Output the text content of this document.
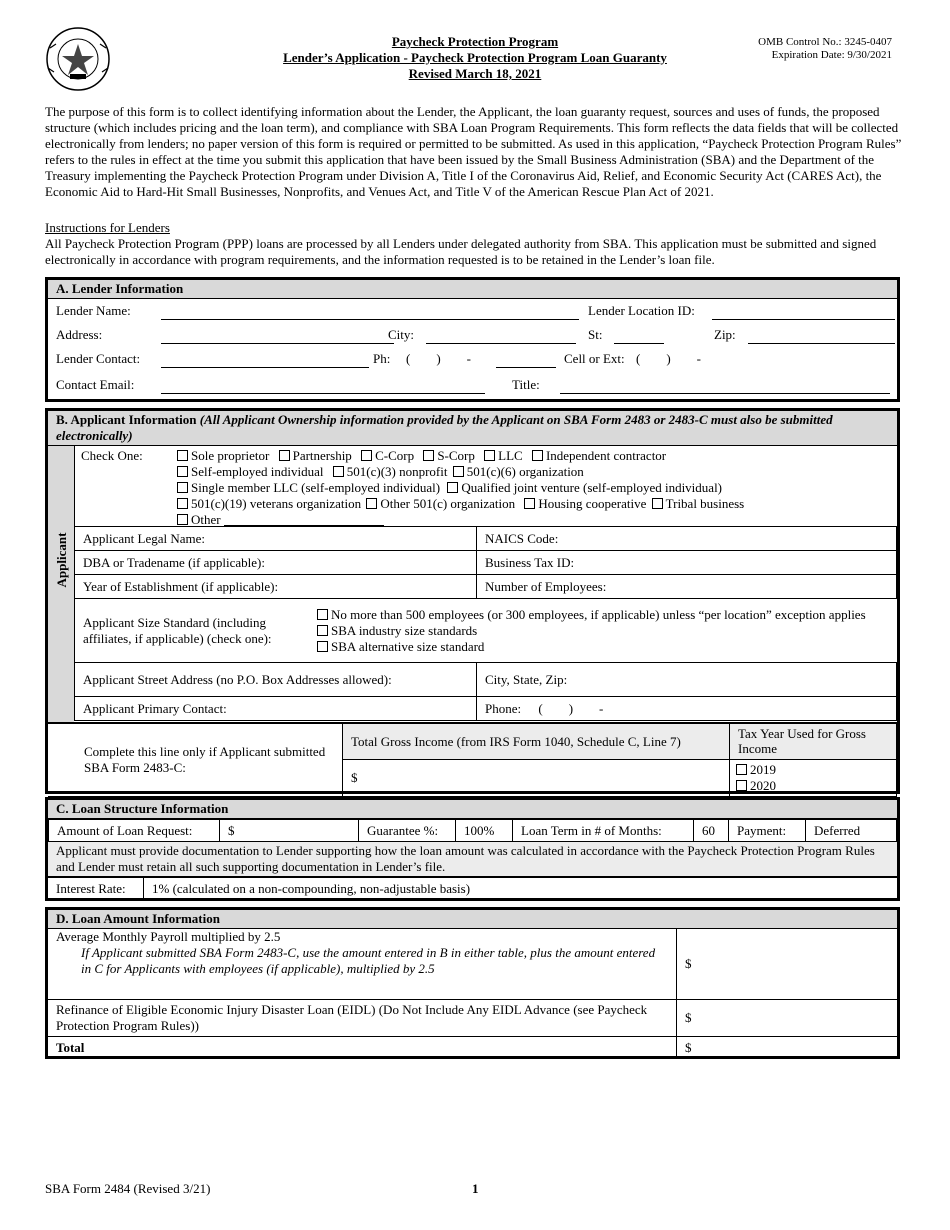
Paycheck Protection Program
Lender’s Application - Paycheck Protection Program Loan Guaranty
Revised March 18, 2021
OMB Control No.: 3245-0407
Expiration Date: 9/30/2021
The purpose of this form is to collect identifying information about the Lender, the Applicant, the loan guaranty request, sources and uses of funds, the proposed structure (which includes pricing and the loan term), and compliance with SBA Loan Program Requirements. This form reflects the data fields that will be collected electronically from lenders; no paper version of this form is required or permitted to be submitted. As used in this application, “Paycheck Protection Program Rules” refers to the rules in effect at the time you submit this application that have been issued by the Small Business Administration (SBA) and the Department of the Treasury implementing the Paycheck Protection Program under Division A, Title I of the Coronavirus Aid, Relief, and Economic Security Act (CARES Act), the Economic Aid to Hard-Hit Small Businesses, Nonprofits, and Venues Act, and Title V of the American Rescue Plan Act of 2021.
Instructions for Lenders
All Paycheck Protection Program (PPP) loans are processed by all Lenders under delegated authority from SBA. This application must be submitted and signed electronically in accordance with program requirements, and the information requested is to be retained in the Lender’s loan file.
A. Lender Information
Lender Name:	Lender Location ID:
Address:	City:	St:	Zip:
Lender Contact:	Ph: (        )        -	Cell or Ext: (        )        -
Contact Email:	Title:
B. Applicant Information (All Applicant Ownership information provided by the Applicant on SBA Form 2483 or 2483-C must also be submitted electronically)
Applicant
Check One:	Sole proprietor Partnership C-Corp S-Corp LLC Independent contractor
Self-employed individual 501(c)(3) nonprofit 501(c)(6) organization
Single member LLC (self-employed individual) Qualified joint venture (self-employed individual)
501(c)(19) veterans organization Other 501(c) organization Housing cooperative Tribal business
Other
Applicant Legal Name:	NAICS Code:
DBA or Tradename (if applicable):	Business Tax ID:
Year of Establishment (if applicable):	Number of Employees:

Applicant Size Standard (including affiliates, if applicable) (check one):
No more than 500 employees (or 300 employees, if applicable) unless “per location” exception applies
SBA industry size standards
SBA alternative size standard	

Applicant Street Address (no P.O. Box Addresses allowed):	City, State, Zip:
Applicant Primary Contact:	Phone: (        )        -
Complete this line only if Applicant submitted SBA Form 2483-C:	Total Gross Income (from IRS Form 1040, Schedule C, Line 7)	Tax Year Used for Gross Income
	$	2019
2020
C. Loan Structure Information
Amount of Loan Request:	$	Guarantee %:	100%	Loan Term in # of Months:	60	Payment:	Deferred
Applicant must provide documentation to Lender supporting how the loan amount was calculated in accordance with the Paycheck Protection Program Rules and Lender must retain all such supporting documentation in Lender’s file.
Interest Rate:	1% (calculated on a non-compounding, non-adjustable basis)
D. Loan Amount Information
Average Monthly Payroll multiplied by 2.5
If Applicant submitted SBA Form 2483-C, use the amount entered in B in either table, plus the amount entered in C for Applicants with employees (if applicable), multiplied by 2.5	$
Refinance of Eligible Economic Injury Disaster Loan (EIDL) (Do Not Include Any EIDL Advance (see Paycheck Protection Program Rules))	$
Total	$
SBA Form 2484 (Revised 3/21)	1
